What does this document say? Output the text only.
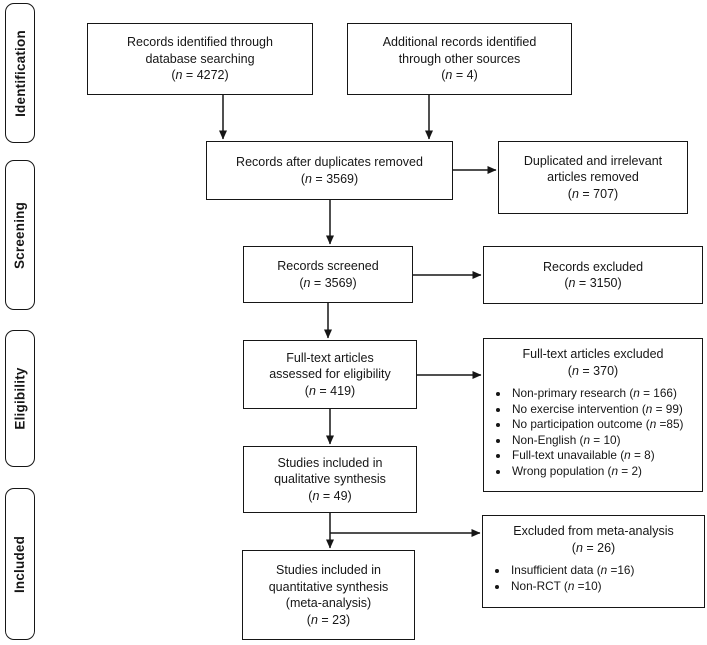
Identification
Screening
Eligibility
Included
Records identified through
database searching
(n = 4272)
Additional records identified
through other sources
(n = 4)
Records after duplicates removed
(n = 3569)
Duplicated and irrelevant
articles removed
(n = 707)
Records screened
(n = 3569)
Records excluded
(n = 3150)
Full-text articles
assessed for eligibility
(n = 419)
Full-text articles excluded
(n = 370)
• Non-primary research (n = 166)
• No exercise intervention (n = 99)
• No participation outcome (n =85)
• Non-English (n = 10)
• Full-text unavailable (n = 8)
• Wrong population (n = 2)
Studies included in
qualitative synthesis
(n = 49)
Excluded from meta-analysis
(n = 26)
• Insufficient data (n =16)
• Non-RCT (n =10)
Studies included in
quantitative synthesis
(meta-analysis)
(n = 23)
